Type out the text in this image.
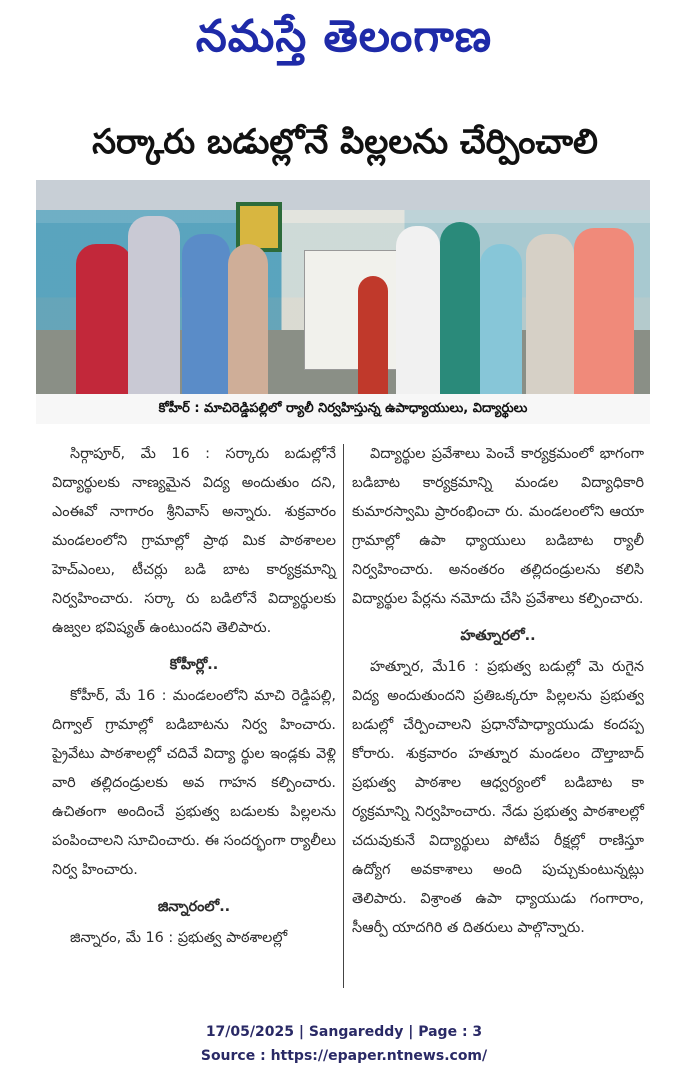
నమస్తే తెలంగాణ
సర్కారు బడుల్లోనే పిల్లలను చేర్పించాలి
కోహీర్ : మాచిరెడ్డిపల్లిలో ర్యాలీ నిర్వహిస్తున్న ఉపాధ్యాయులు, విద్యార్థులు

సిర్గాపూర్, మే 16 : సర్కారు బడుల్లోనే విద్యార్థులకు నాణ్యమైన విద్య అందుతుం దని, ఎంఈవో నాగారం శ్రీనివాస్ అన్నారు. శుక్రవారం మండలంలోని గ్రామాల్లో ప్రాథ మిక పాఠశాలల హెచ్ఎంలు, టీచర్లు బడి బాట కార్యక్రమాన్ని నిర్వహించారు. సర్కా రు బడిలోనే విద్యార్థులకు ఉజ్వల భవిష్యత్ ఉంటుందని తెలిపారు.

కోహీర్లో..

కోహీర్, మే 16 : మండలంలోని మాచి రెడ్డిపల్లి, దిగ్వాల్ గ్రామాల్లో బడిబాటను నిర్వ హించారు. ప్రైవేటు పాఠశాలల్లో చదివే విద్యా ర్థుల ఇండ్లకు వెళ్లి వారి తల్లిదండ్రులకు అవ గాహన కల్పించారు. ఉచితంగా అందించే ప్రభుత్వ బడులకు పిల్లలను పంపించాలని సూచించారు. ఈ సందర్భంగా ర్యాలీలు నిర్వ హించారు.

జిన్నారంలో..

జిన్నారం, మే 16 : ప్రభుత్వ పాఠశాలల్లో

విద్యార్థుల ప్రవేశాలు పెంచే కార్యక్రమంలో భాగంగా బడిబాట కార్యక్రమాన్ని మండల విద్యాధికారి కుమారస్వామి ప్రారంభించా రు. మండలంలోని ఆయా గ్రామాల్లో ఉపా ధ్యాయులు బడిబాట ర్యాలీ నిర్వహించారు. అనంతరం తల్లిదండ్రులను కలిసి విద్యార్థుల పేర్లను నమోదు చేసి ప్రవేశాలు కల్పించారు.

హత్నూరలో..

హత్నూర, మే16 : ప్రభుత్వ బడుల్లో మె రుగైన విద్య అందుతుందని ప్రతిఒక్కరూ పిల్లలను ప్రభుత్వ బడుల్లో చేర్పించాలని ప్రధానోపాధ్యాయుడు కందప్ప కోరారు. శుక్రవారం హత్నూర మండలం దౌల్తాబాద్ ప్రభుత్వ పాఠశాల ఆధ్వర్యంలో బడిబాట కా ర్యక్రమాన్ని నిర్వహించారు. నేడు ప్రభుత్వ పాఠశాలల్లో చదువుకునే విద్యార్థులు పోటీప రీక్షల్లో రాణిస్తూ ఉద్యోగ అవకాశాలు అంది పుచ్చుకుంటున్నట్లు తెలిపారు. విశ్రాంత ఉపా ధ్యాయుడు గంగారాం, సీఆర్పీ యాదగిరి త దితరులు పాల్గొన్నారు.

17/05/2025 | Sangareddy | Page : 3
Source : https://epaper.ntnews.com/
